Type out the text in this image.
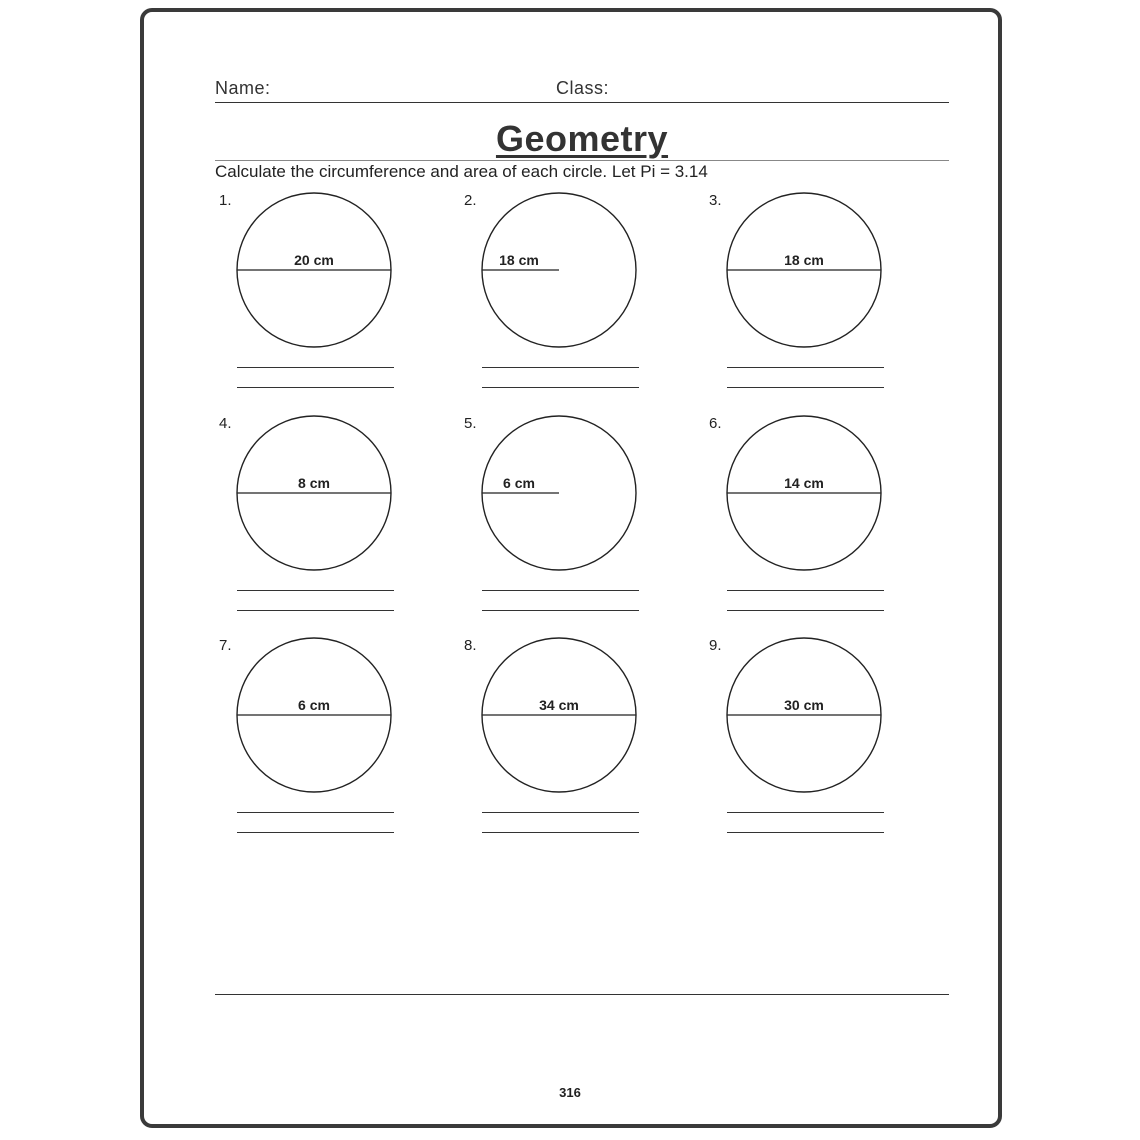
Name:	Class:
Geometry
Calculate the circumference and area of each circle. Let Pi = 3.14
1.
20 cm
2.
18 cm
3.
18 cm
4.
8 cm
5.
6 cm
6.
14 cm
7.
6 cm
8.
34 cm
9.
30 cm
316
